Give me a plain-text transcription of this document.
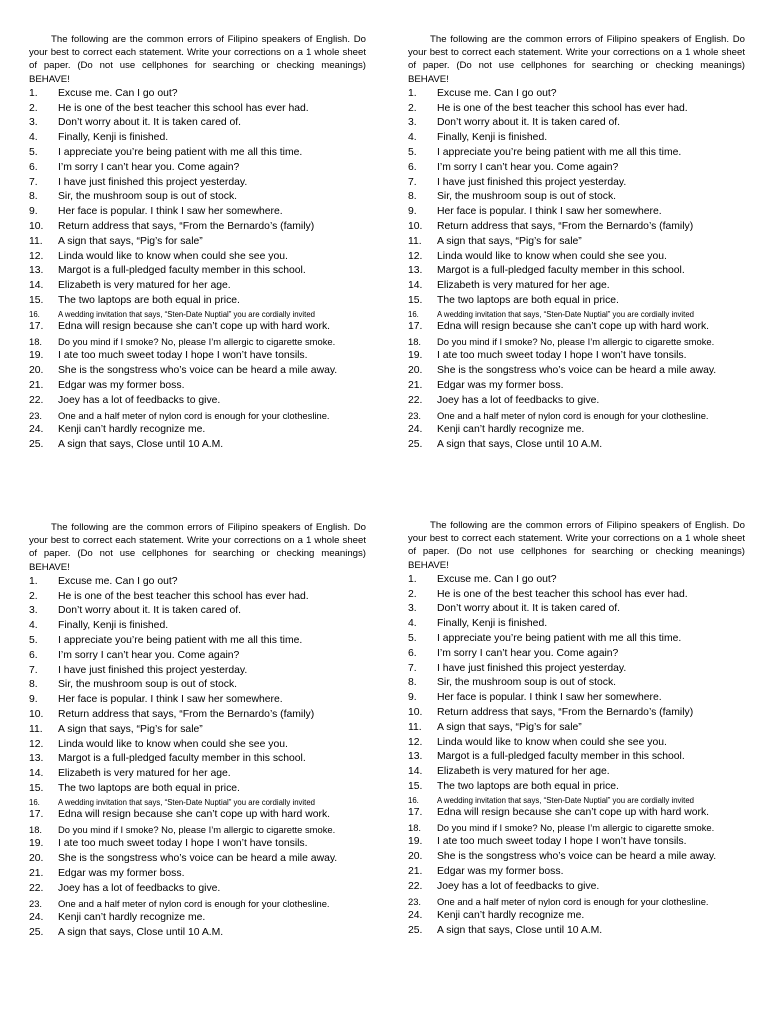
The following are the common errors of Filipino speakers of English. Do your best to correct each statement. Write your corrections on a 1 whole sheet of paper. (Do not use cellphones for searching or checking meanings) BEHAVE!

1.	Excuse me. Can I go out?
2.	He is one of the best teacher this school has ever had.
3.	Don’t worry about it. It is taken cared of.
4.	Finally, Kenji is finished.
5.	I appreciate you’re being patient with me all this time.
6.	I’m sorry I can’t hear you. Come again?
7.	I have just finished this project yesterday.
8.	Sir, the mushroom soup is out of stock.
9.	Her face is popular. I think I saw her somewhere.
10.	Return address that says, “From the Bernardo’s (family)
11.	A sign that says, “Pig’s for sale”
12.	Linda would like to know when could she see you.
13.	Margot is a full-pledged faculty member in this school.
14.	Elizabeth is very matured for her age.
15.	The two laptops are both equal in price.
16.	A wedding invitation that says, “Sten-Date Nuptial” you are cordially invited
17.	Edna will resign because she can’t cope up with hard work.
18.	Do you mind if I smoke? No, please I’m allergic to cigarette smoke.
19.	I ate too much sweet today I hope I won’t have tonsils.
20.	She is the songstress who’s voice can be heard a mile away.
21.	Edgar was my former boss.
22.	Joey has a lot of feedbacks to give.
23.	One and a half meter of nylon cord is enough for your clothesline.
24.	Kenji can’t hardly recognize me.
25.	A sign that says, Close until 10 A.M.

The following are the common errors of Filipino speakers of English. Do your best to correct each statement. Write your corrections on a 1 whole sheet of paper. (Do not use cellphones for searching or checking meanings) BEHAVE!

1.	Excuse me. Can I go out?
2.	He is one of the best teacher this school has ever had.
3.	Don’t worry about it. It is taken cared of.
4.	Finally, Kenji is finished.
5.	I appreciate you’re being patient with me all this time.
6.	I’m sorry I can’t hear you. Come again?
7.	I have just finished this project yesterday.
8.	Sir, the mushroom soup is out of stock.
9.	Her face is popular. I think I saw her somewhere.
10.	Return address that says, “From the Bernardo’s (family)
11.	A sign that says, “Pig’s for sale”
12.	Linda would like to know when could she see you.
13.	Margot is a full-pledged faculty member in this school.
14.	Elizabeth is very matured for her age.
15.	The two laptops are both equal in price.
16.	A wedding invitation that says, “Sten-Date Nuptial” you are cordially invited
17.	Edna will resign because she can’t cope up with hard work.
18.	Do you mind if I smoke? No, please I’m allergic to cigarette smoke.
19.	I ate too much sweet today I hope I won’t have tonsils.
20.	She is the songstress who’s voice can be heard a mile away.
21.	Edgar was my former boss.
22.	Joey has a lot of feedbacks to give.
23.	One and a half meter of nylon cord is enough for your clothesline.
24.	Kenji can’t hardly recognize me.
25.	A sign that says, Close until 10 A.M.

The following are the common errors of Filipino speakers of English. Do your best to correct each statement. Write your corrections on a 1 whole sheet of paper. (Do not use cellphones for searching or checking meanings) BEHAVE!

1.	Excuse me. Can I go out?
2.	He is one of the best teacher this school has ever had.
3.	Don’t worry about it. It is taken cared of.
4.	Finally, Kenji is finished.
5.	I appreciate you’re being patient with me all this time.
6.	I’m sorry I can’t hear you. Come again?
7.	I have just finished this project yesterday.
8.	Sir, the mushroom soup is out of stock.
9.	Her face is popular. I think I saw her somewhere.
10.	Return address that says, “From the Bernardo’s (family)
11.	A sign that says, “Pig’s for sale”
12.	Linda would like to know when could she see you.
13.	Margot is a full-pledged faculty member in this school.
14.	Elizabeth is very matured for her age.
15.	The two laptops are both equal in price.
16.	A wedding invitation that says, “Sten-Date Nuptial” you are cordially invited
17.	Edna will resign because she can’t cope up with hard work.
18.	Do you mind if I smoke? No, please I’m allergic to cigarette smoke.
19.	I ate too much sweet today I hope I won’t have tonsils.
20.	She is the songstress who’s voice can be heard a mile away.
21.	Edgar was my former boss.
22.	Joey has a lot of feedbacks to give.
23.	One and a half meter of nylon cord is enough for your clothesline.
24.	Kenji can’t hardly recognize me.
25.	A sign that says, Close until 10 A.M.

The following are the common errors of Filipino speakers of English. Do your best to correct each statement. Write your corrections on a 1 whole sheet of paper. (Do not use cellphones for searching or checking meanings) BEHAVE!

1.	Excuse me. Can I go out?
2.	He is one of the best teacher this school has ever had.
3.	Don’t worry about it. It is taken cared of.
4.	Finally, Kenji is finished.
5.	I appreciate you’re being patient with me all this time.
6.	I’m sorry I can’t hear you. Come again?
7.	I have just finished this project yesterday.
8.	Sir, the mushroom soup is out of stock.
9.	Her face is popular. I think I saw her somewhere.
10.	Return address that says, “From the Bernardo’s (family)
11.	A sign that says, “Pig’s for sale”
12.	Linda would like to know when could she see you.
13.	Margot is a full-pledged faculty member in this school.
14.	Elizabeth is very matured for her age.
15.	The two laptops are both equal in price.
16.	A wedding invitation that says, “Sten-Date Nuptial” you are cordially invited
17.	Edna will resign because she can’t cope up with hard work.
18.	Do you mind if I smoke? No, please I’m allergic to cigarette smoke.
19.	I ate too much sweet today I hope I won’t have tonsils.
20.	She is the songstress who’s voice can be heard a mile away.
21.	Edgar was my former boss.
22.	Joey has a lot of feedbacks to give.
23.	One and a half meter of nylon cord is enough for your clothesline.
24.	Kenji can’t hardly recognize me.
25.	A sign that says, Close until 10 A.M.
